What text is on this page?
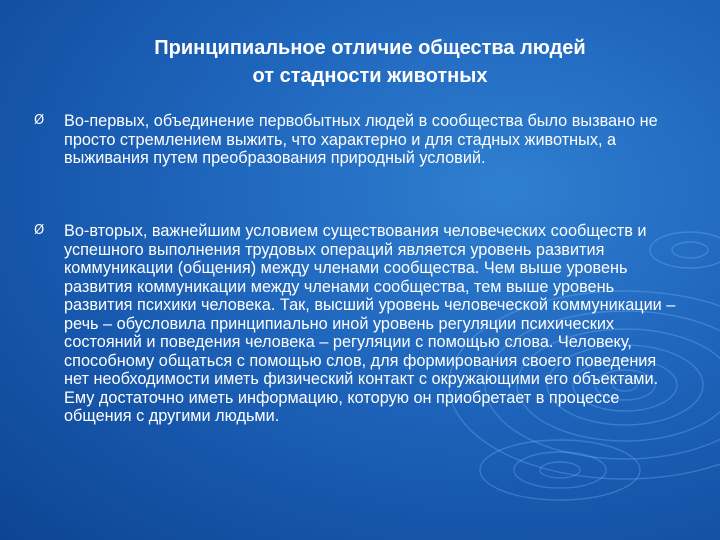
Принципиальное отличие общества людей
от стадности животных
Ø Во-первых, объединение первобытных людей в сообщества было вызвано не просто стремлением выжить, что характерно и для стадных животных, а выживания путем преобразования природный условий.
Ø Во-вторых, важнейшим условием существования человеческих сообществ и успешного выполнения трудовых операций является уровень развития коммуникации (общения) между членами сообщества. Чем выше уровень развития коммуникации между членами сообщества, тем выше уровень развития психики человека. Так, высший уровень человеческой коммуникации – речь – обусловила принципиально иной уровень регуляции психических состояний и поведения человека – регуляции с помощью слова. Человеку, способному общаться с помощью слов, для формирования своего поведения нет необходимости иметь физический контакт с окружающими его объектами. Ему достаточно иметь информацию, которую он приобретает в процессе общения с другими людьми.
